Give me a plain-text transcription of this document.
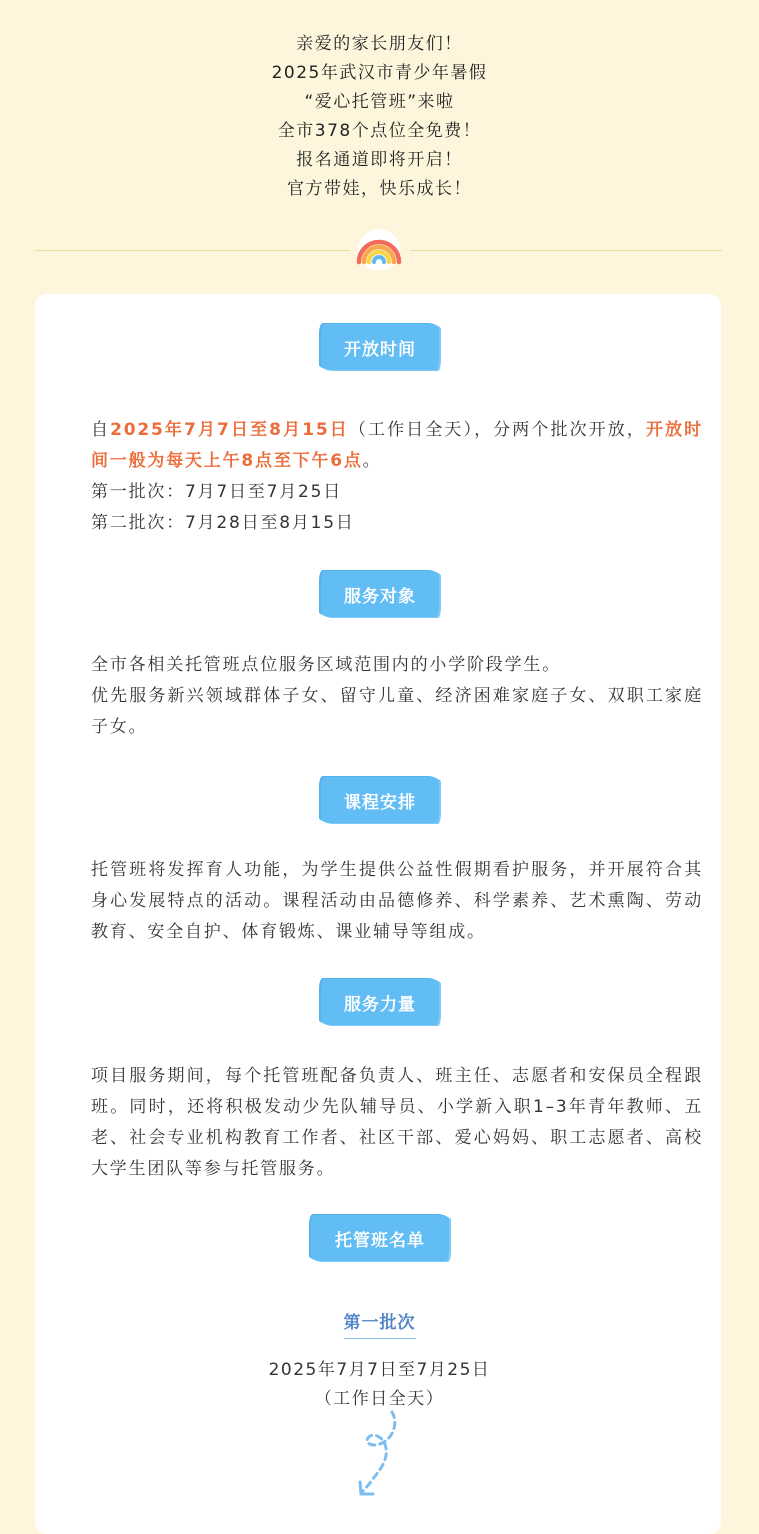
亲爱的家长朋友们！
2025年武汉市青少年暑假
“爱心托管班”来啦
全市378个点位全免费！
报名通道即将开启！
官方带娃，快乐成长！
开放时间
自2025年7月7日至8月15日（工作日全天），分两个批次开放，开放时间一般为每天上午8点至下午6点。
第一批次：7月7日至7月25日
第二批次：7月28日至8月15日
服务对象
全市各相关托管班点位服务区域范围内的小学阶段学生。
优先服务新兴领域群体子女、留守儿童、经济困难家庭子女、双职工家庭子女。
课程安排
托管班将发挥育人功能，为学生提供公益性假期看护服务，并开展符合其身心发展特点的活动。课程活动由品德修养、科学素养、艺术熏陶、劳动教育、安全自护、体育锻炼、课业辅导等组成。
服务力量
项目服务期间，每个托管班配备负责人、班主任、志愿者和安保员全程跟班。同时，还将积极发动少先队辅导员、小学新入职1–3年青年教师、五老、社会专业机构教育工作者、社区干部、爱心妈妈、职工志愿者、高校大学生团队等参与托管服务。
托管班名单
第一批次
2025年7月7日至7月25日
（工作日全天）
